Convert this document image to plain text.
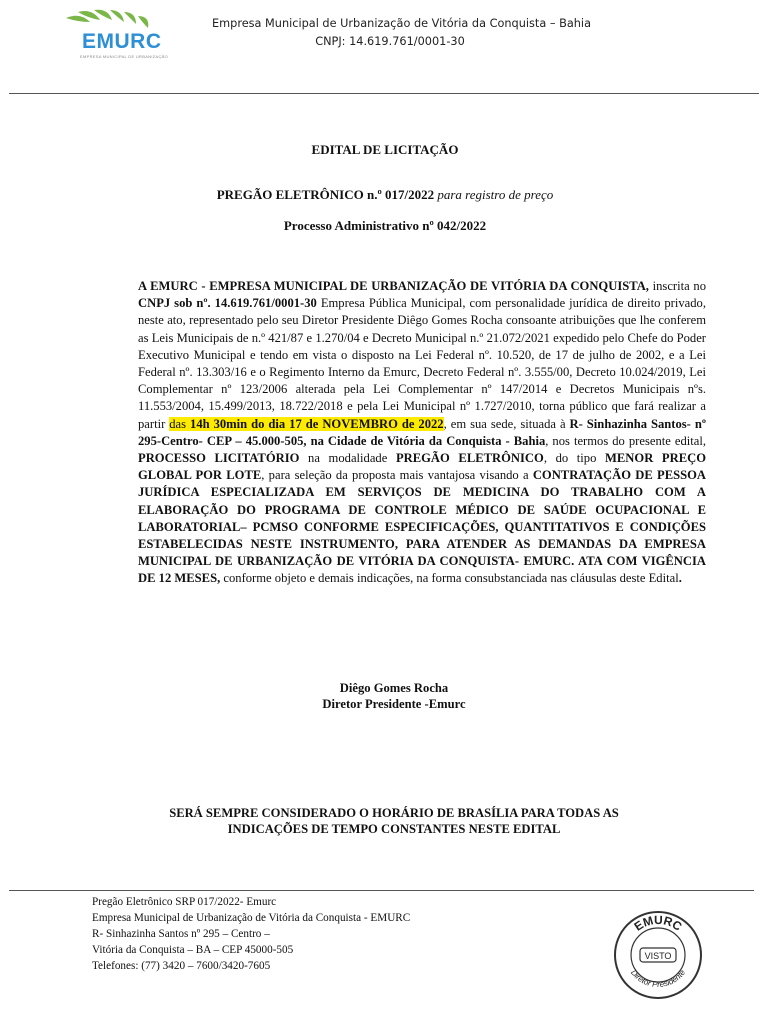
EMURC
EMPRESA MUNICIPAL DE URBANIZAÇÃO
Empresa Municipal de Urbanização de Vitória da Conquista – Bahia
CNPJ: 14.619.761/0001-30
EDITAL DE LICITAÇÃO
PREGÃO ELETRÔNICO n.º 017/2022 para registro de preço
Processo Administrativo nº 042/2022
A EMURC - EMPRESA MUNICIPAL DE URBANIZAÇÃO DE VITÓRIA DA CONQUISTA, inscrita no CNPJ sob nº. 14.619.761/0001-30 Empresa Pública Municipal, com personalidade jurídica de direito privado, neste ato, representado pelo seu Diretor Presidente Diêgo Gomes Rocha consoante atribuições que lhe conferem as Leis Municipais de n.º 421/87 e 1.270/04 e Decreto Municipal n.º 21.072/2021 expedido pelo Chefe do Poder Executivo Municipal e tendo em vista o disposto na Lei Federal nº. 10.520, de 17 de julho de 2002, e a Lei Federal nº. 13.303/16 e o Regimento Interno da Emurc, Decreto Federal nº. 3.555/00, Decreto 10.024/2019, Lei Complementar nº 123/2006 alterada pela Lei Complementar nº 147/2014 e Decretos Municipais nºs. 11.553/2004, 15.499/2013, 18.722/2018 e pela Lei Municipal nº 1.727/2010, torna público que fará realizar a partir das 14h 30min do dia 17 de NOVEMBRO de 2022, em sua sede, situada à R- Sinhazinha Santos- nº 295-Centro- CEP – 45.000-505, na Cidade de Vitória da Conquista - Bahia, nos termos do presente edital, PROCESSO LICITATÓRIO na modalidade PREGÃO ELETRÔNICO, do tipo MENOR PREÇO GLOBAL POR LOTE, para seleção da proposta mais vantajosa visando a CONTRATAÇÃO DE PESSOA JURÍDICA ESPECIALIZADA EM SERVIÇOS DE MEDICINA DO TRABALHO COM A ELABORAÇÃO DO PROGRAMA DE CONTROLE MÉDICO DE SAÚDE OCUPACIONAL E LABORATORIAL– PCMSO CONFORME ESPECIFICAÇÕES, QUANTITATIVOS E CONDIÇÕES ESTABELECIDAS NESTE INSTRUMENTO, PARA ATENDER AS DEMANDAS DA EMPRESA MUNICIPAL DE URBANIZAÇÃO DE VITÓRIA DA CONQUISTA- EMURC. ATA COM VIGÊNCIA DE 12 MESES, conforme objeto e demais indicações, na forma consubstanciada nas cláusulas deste Edital.
Diêgo Gomes Rocha
Diretor Presidente -Emurc
SERÁ SEMPRE CONSIDERADO O HORÁRIO DE BRASÍLIA PARA TODAS AS
INDICAÇÕES DE TEMPO CONSTANTES NESTE EDITAL
Pregão Eletrônico SRP 017/2022- Emurc
Empresa Municipal de Urbanização de Vitória da Conquista - EMURC
R- Sinhazinha Santos nº 295 – Centro –
Vitória da Conquista – BA – CEP 45000-505
Telefones: (77) 3420 – 7600/3420-7605
EMURC
VISTO
Diretor Presidente
